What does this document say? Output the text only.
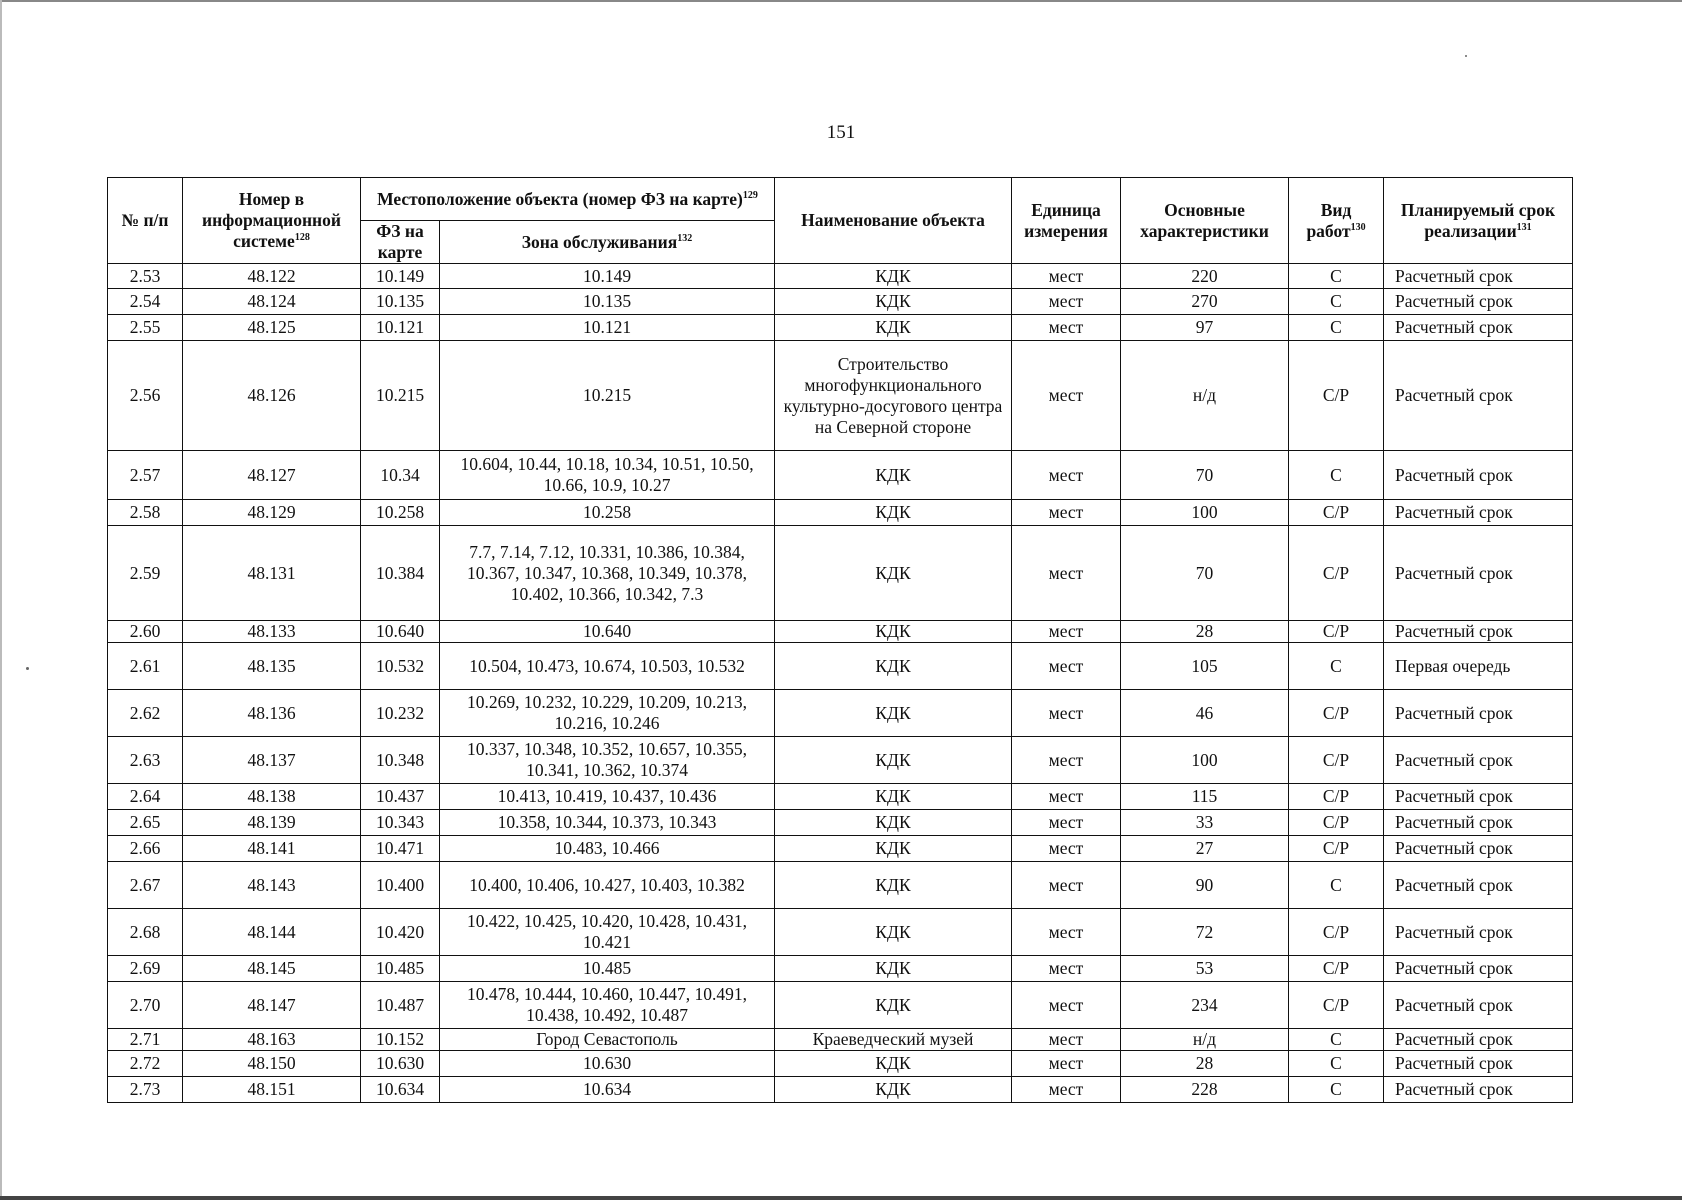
151
№ п/п	Номер в информационной системе$^{128}$	Местоположение объекта (номер ФЗ на карте)$^{129}$		Наименование объекта	Единица измерения	Основные характеристики	Вид работ$^{130}$	Планируемый срок реализации$^{131}$
		ФЗ на карте	Зона обслуживания$^{132}$
2.53	48.122	10.149	10.149	КДК	мест	220	С	Расчетный срок
2.54	48.124	10.135	10.135	КДК	мест	270	С	Расчетный срок
2.55	48.125	10.121	10.121	КДК	мест	97	С	Расчетный срок
2.56	48.126	10.215	10.215	Строительство многофункционального культурно-досугового центра на Северной стороне	мест	н/д	С/Р	Расчетный срок
2.57	48.127	10.34	10.604, 10.44, 10.18, 10.34, 10.51, 10.50, 10.66, 10.9, 10.27	КДК	мест	70	С	Расчетный срок
2.58	48.129	10.258	10.258	КДК	мест	100	С/Р	Расчетный срок
2.59	48.131	10.384	7.7, 7.14, 7.12, 10.331, 10.386, 10.384, 10.367, 10.347, 10.368, 10.349, 10.378, 10.402, 10.366, 10.342, 7.3	КДК	мест	70	С/Р	Расчетный срок
2.60	48.133	10.640	10.640	КДК	мест	28	С/Р	Расчетный срок
2.61	48.135	10.532	10.504, 10.473, 10.674, 10.503, 10.532	КДК	мест	105	С	Первая очередь
2.62	48.136	10.232	10.269, 10.232, 10.229, 10.209, 10.213, 10.216, 10.246	КДК	мест	46	С/Р	Расчетный срок
2.63	48.137	10.348	10.337, 10.348, 10.352, 10.657, 10.355, 10.341, 10.362, 10.374	КДК	мест	100	С/Р	Расчетный срок
2.64	48.138	10.437	10.413, 10.419, 10.437, 10.436	КДК	мест	115	С/Р	Расчетный срок
2.65	48.139	10.343	10.358, 10.344, 10.373, 10.343	КДК	мест	33	С/Р	Расчетный срок
2.66	48.141	10.471	10.483, 10.466	КДК	мест	27	С/Р	Расчетный срок
2.67	48.143	10.400	10.400, 10.406, 10.427, 10.403, 10.382	КДК	мест	90	С	Расчетный срок
2.68	48.144	10.420	10.422, 10.425, 10.420, 10.428, 10.431, 10.421	КДК	мест	72	С/Р	Расчетный срок
2.69	48.145	10.485	10.485	КДК	мест	53	С/Р	Расчетный срок
2.70	48.147	10.487	10.478, 10.444, 10.460, 10.447, 10.491, 10.438, 10.492, 10.487	КДК	мест	234	С/Р	Расчетный срок
2.71	48.163	10.152	Город Севастополь	Краеведческий музей	мест	н/д	С	Расчетный срок
2.72	48.150	10.630	10.630	КДК	мест	28	С	Расчетный срок
2.73	48.151	10.634	10.634	КДК	мест	228	С	Расчетный срок
